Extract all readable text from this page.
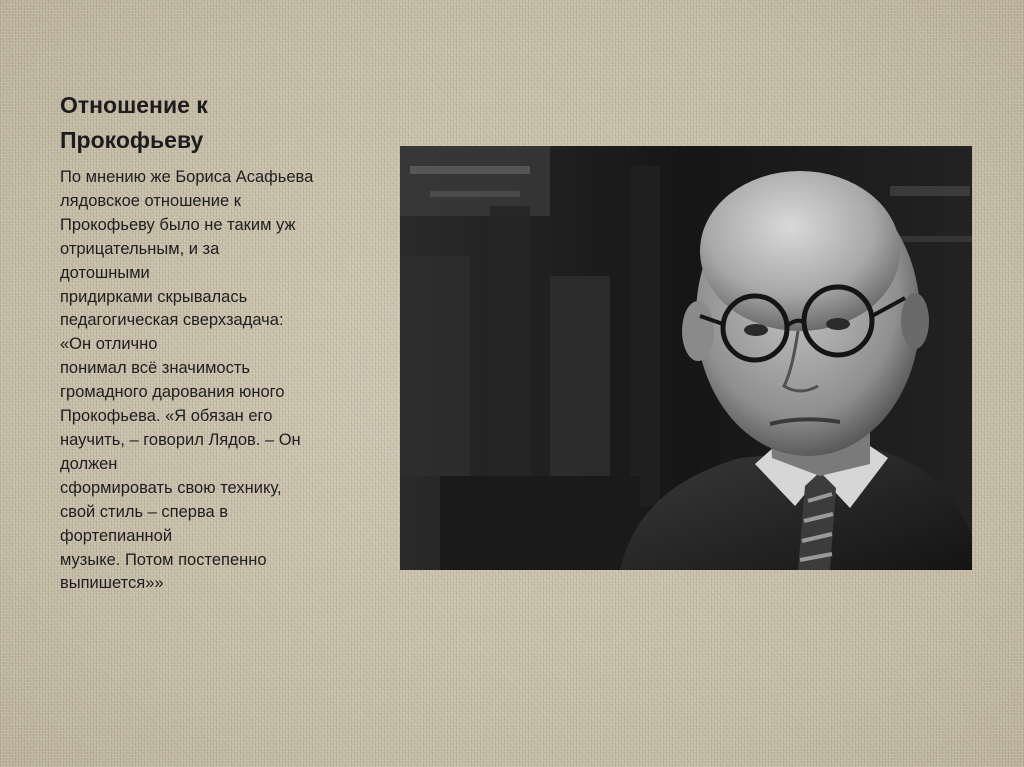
Отношение к
Прокофьеву

По мнению же Бориса Асафьева
лядовское отношение к
Прокофьеву было не таким уж
отрицательным, и за
дотошными
придирками скрывалась
педагогическая сверхзадача:
«Он отлично
понимал всё значимость
громадного дарования юного
Прокофьева. «Я обязан его
научить, – говорил Лядов. – Он
должен
сформировать свою технику,
свой стиль – сперва в
фортепианной
музыке. Потом постепенно
выпишется»»
